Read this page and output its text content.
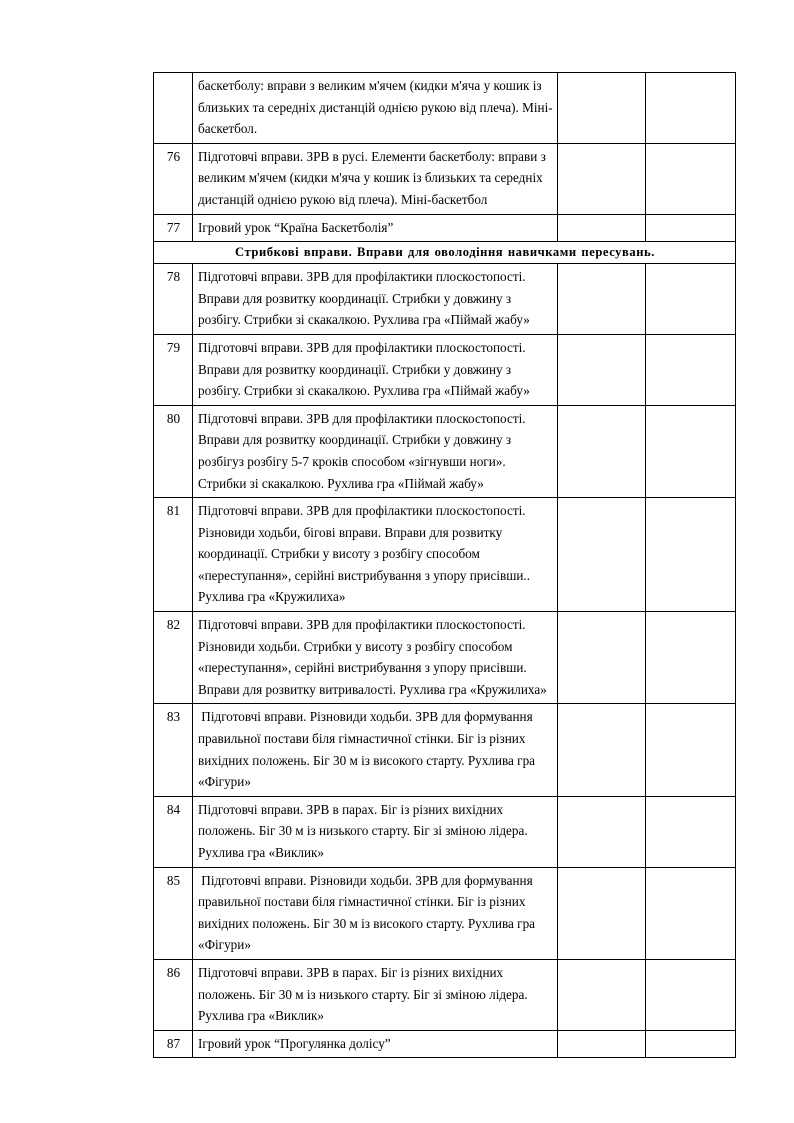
	баскетболу: вправи з великим м'ячем (кидки м'яча у кошик із близьких та середніх дистанцій однією рукою від плеча). Міні-баскетбол.		
76	Підготовчі вправи. ЗРВ в русі. Елементи баскетболу: вправи з великим м'ячем (кидки м'яча у кошик із близьких та середніх дистанцій однією рукою від плеча). Міні-баскетбол		
77	Ігровий урок “Країна Баскетболія”		
Стрибкові вправи. Вправи для оволодіння навичками пересувань.			
78	Підготовчі вправи. ЗРВ для профілактики плоскостопості. Вправи для розвитку координації. Стрибки у довжину з розбігу. Стрибки зі скакалкою. Рухлива гра «Піймай жабу»		
79	Підготовчі вправи. ЗРВ для профілактики плоскостопості. Вправи для розвитку координації. Стрибки у довжину з розбігу. Стрибки зі скакалкою. Рухлива гра «Піймай жабу»		
80	Підготовчі вправи. ЗРВ для профілактики плоскостопості. Вправи для розвитку координації. Стрибки у довжину з розбігуз розбігу 5-7 кроків способом «зігнувши ноги». Стрибки зі скакалкою. Рухлива гра «Піймай жабу»		
81	Підготовчі вправи. ЗРВ для профілактики плоскостопості. Різновиди ходьби, бігові вправи. Вправи для розвитку координації. Стрибки у висоту з розбігу способом «переступання», серійні вистрибування з упору присівши.. Рухлива гра «Кружилиха»		
82	Підготовчі вправи. ЗРВ для профілактики плоскостопості. Різновиди ходьби. Стрибки у висоту з розбігу способом «переступання», серійні вистрибування з упору присівши. Вправи для розвитку витривалості. Рухлива гра «Кружилиха»		
83	Підготовчі вправи. Різновиди ходьби. ЗРВ для формування правильної постави біля гімнастичної стінки. Біг із різних вихідних положень. Біг 30 м із високого старту. Рухлива гра «Фігури»		
84	Підготовчі вправи. ЗРВ в парах. Біг із різних вихідних положень. Біг 30 м із низького старту. Біг зі зміною лідера. Рухлива гра «Виклик»		
85	Підготовчі вправи. Різновиди ходьби. ЗРВ для формування правильної постави біля гімнастичної стінки. Біг із різних вихідних положень. Біг 30 м із високого старту. Рухлива гра «Фігури»		
86	Підготовчі вправи. ЗРВ в парах. Біг із різних вихідних положень. Біг 30 м із низького старту. Біг зі зміною лідера. Рухлива гра «Виклик»		
87	Ігровий урок “Прогулянка долісу”		
